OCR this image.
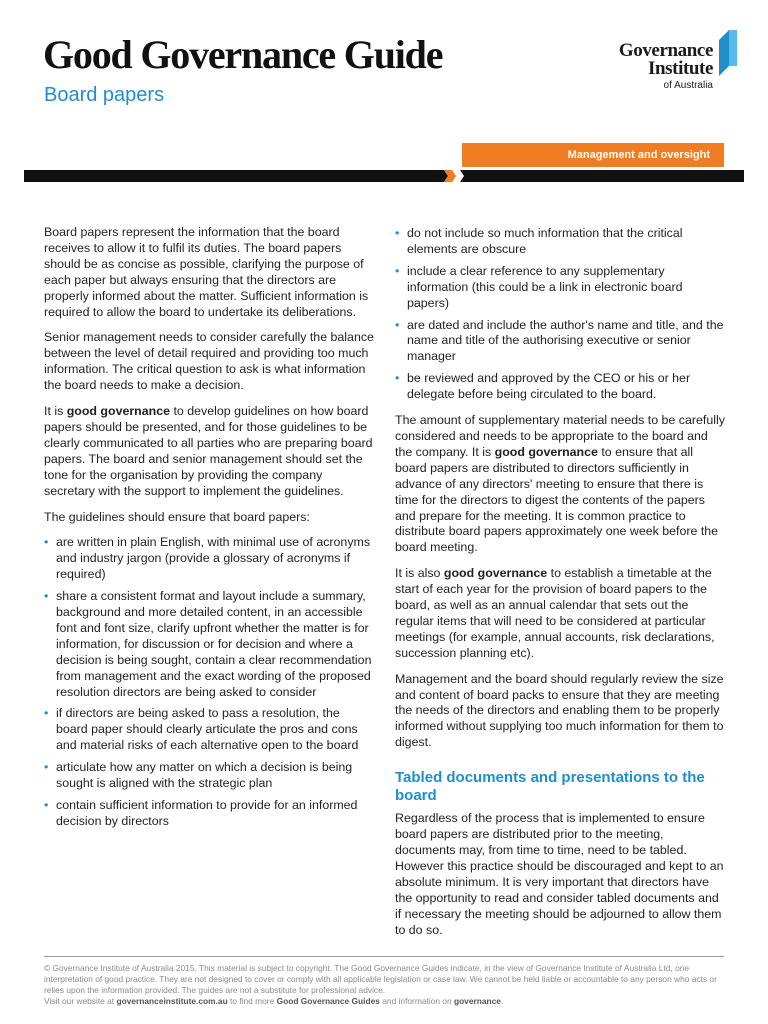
Good Governance Guide
Board papers
Governance
Institute
of Australia
Management and oversight

Board papers represent the information that the board receives to allow it to fulfil its duties. The board papers should be as concise as possible, clarifying the purpose of each paper but always ensuring that the directors are properly informed about the matter. Sufficient information is required to allow the board to undertake its deliberations.

Senior management needs to consider carefully the balance between the level of detail required and providing too much information. The critical question to ask is what information the board needs to make a decision.

It is good governance to develop guidelines on how board papers should be presented, and for those guidelines to be clearly communicated to all parties who are preparing board papers. The board and senior management should set the tone for the organisation by providing the company secretary with the support to implement the guidelines.

The guidelines should ensure that board papers:

• are written in plain English, with minimal use of acronyms and industry jargon (provide a glossary of acronyms if required)
• share a consistent format and layout include a summary, background and more detailed content, in an accessible font and font size, clarify upfront whether the matter is for information, for discussion or for decision and where a decision is being sought, contain a clear recommendation from management and the exact wording of the proposed resolution directors are being asked to consider
• if directors are being asked to pass a resolution, the board paper should clearly articulate the pros and cons and material risks of each alternative open to the board
• articulate how any matter on which a decision is being sought is aligned with the strategic plan
• contain sufficient information to provide for an informed decision by directors
• do not include so much information that the critical elements are obscure
• include a clear reference to any supplementary information (this could be a link in electronic board papers)
• are dated and include the author's name and title, and the name and title of the authorising executive or senior manager
• be reviewed and approved by the CEO or his or her delegate before being circulated to the board.

The amount of supplementary material needs to be carefully considered and needs to be appropriate to the board and the company. It is good governance to ensure that all board papers are distributed to directors sufficiently in advance of any directors' meeting to ensure that there is time for the directors to digest the contents of the papers and prepare for the meeting. It is common practice to distribute board papers approximately one week before the board meeting.

It is also good governance to establish a timetable at the start of each year for the provision of board papers to the board, as well as an annual calendar that sets out the regular items that will need to be considered at particular meetings (for example, annual accounts, risk declarations, succession planning etc).

Management and the board should regularly review the size and content of board packs to ensure that they are meeting the needs of the directors and enabling them to be properly informed without supplying too much information for them to digest.

Tabled documents and presentations to the board

Regardless of the process that is implemented to ensure board papers are distributed prior to the meeting, documents may, from time to time, need to be tabled. However this practice should be discouraged and kept to an absolute minimum. It is very important that directors have the opportunity to read and consider tabled documents and if necessary the meeting should be adjourned to allow them to do so.

© Governance Institute of Australia 2015. This material is subject to copyright. The Good Governance Guides indicate, in the view of Governance Institute of Australia Ltd, one interpretation of good practice. They are not designed to cover or comply with all applicable legislation or case law. We cannot be held liable or accountable to any person who acts or relies upon the information provided. The guides are not a substitute for professional advice.
Visit our website at governanceinstitute.com.au to find more Good Governance Guides and information on governance.
